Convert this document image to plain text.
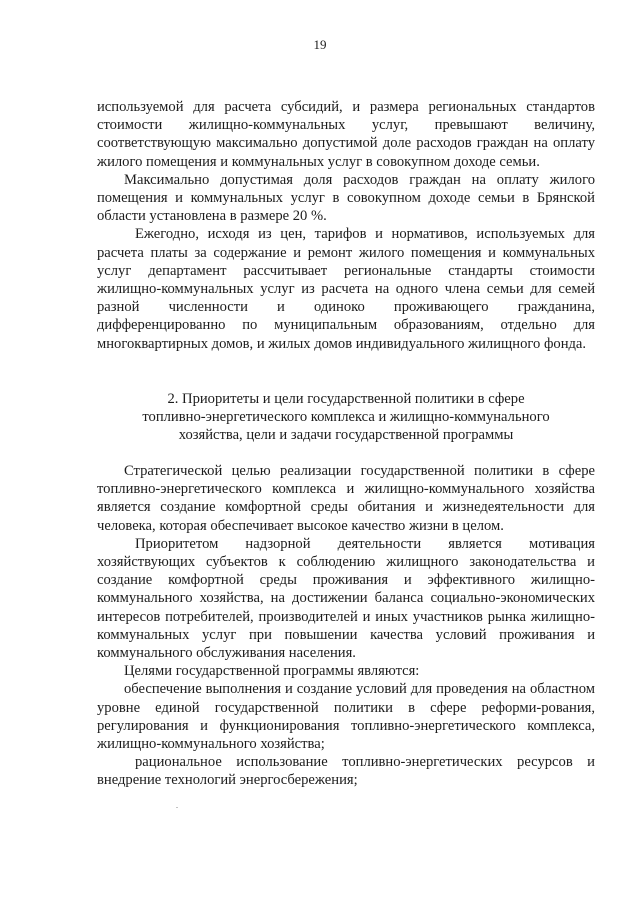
19

используемой для расчета субсидий, и размера региональных стандартов стоимости жилищно-коммунальных услуг, превышают величину, соответствующую максимально допустимой доле расходов граждан на оплату жилого помещения и коммунальных услуг в совокупном доходе семьи.

Максимально допустимая доля расходов граждан на оплату жилого помещения и коммунальных услуг в совокупном доходе семьи в Брянской области установлена в размере 20 %.

Ежегодно, исходя из цен, тарифов и нормативов, используемых для расчета платы за содержание и ремонт жилого помещения и коммунальных услуг департамент рассчитывает региональные стандарты стоимости жилищно-коммунальных услуг из расчета на одного члена семьи для семей разной численности и одиноко проживающего гражданина, дифференцированно по муниципальным образованиям, отдельно для многоквартирных домов, и жилых домов индивидуального жилищного фонда.

2. Приоритеты и цели государственной политики в сфере
топливно-энергетического комплекса и жилищно-коммунального
хозяйства, цели и задачи государственной программы

Стратегической целью реализации государственной политики в сфере топливно-энергетического комплекса и жилищно-коммунального хозяйства является создание комфортной среды обитания и жизнедеятельности для человека, которая обеспечивает высокое качество жизни в целом.

Приоритетом надзорной деятельности является мотивация хозяйствующих субъектов к соблюдению жилищного законодательства и создание комфортной среды проживания и эффективного жилищно-коммунального хозяйства, на достижении баланса социально-экономических интересов потребителей, производителей и иных участников рынка жилищно-коммунальных услуг при повышении качества условий проживания и коммунального обслуживания населения.

Целями государственной программы являются:

обеспечение выполнения и создание условий для проведения на областном уровне единой государственной политики в сфере реформи-рования, регулирования и функционирования топливно-энергетического комплекса, жилищно-коммунального хозяйства;

рациональное использование топливно-энергетических ресурсов и внедрение технологий энергосбережения;
